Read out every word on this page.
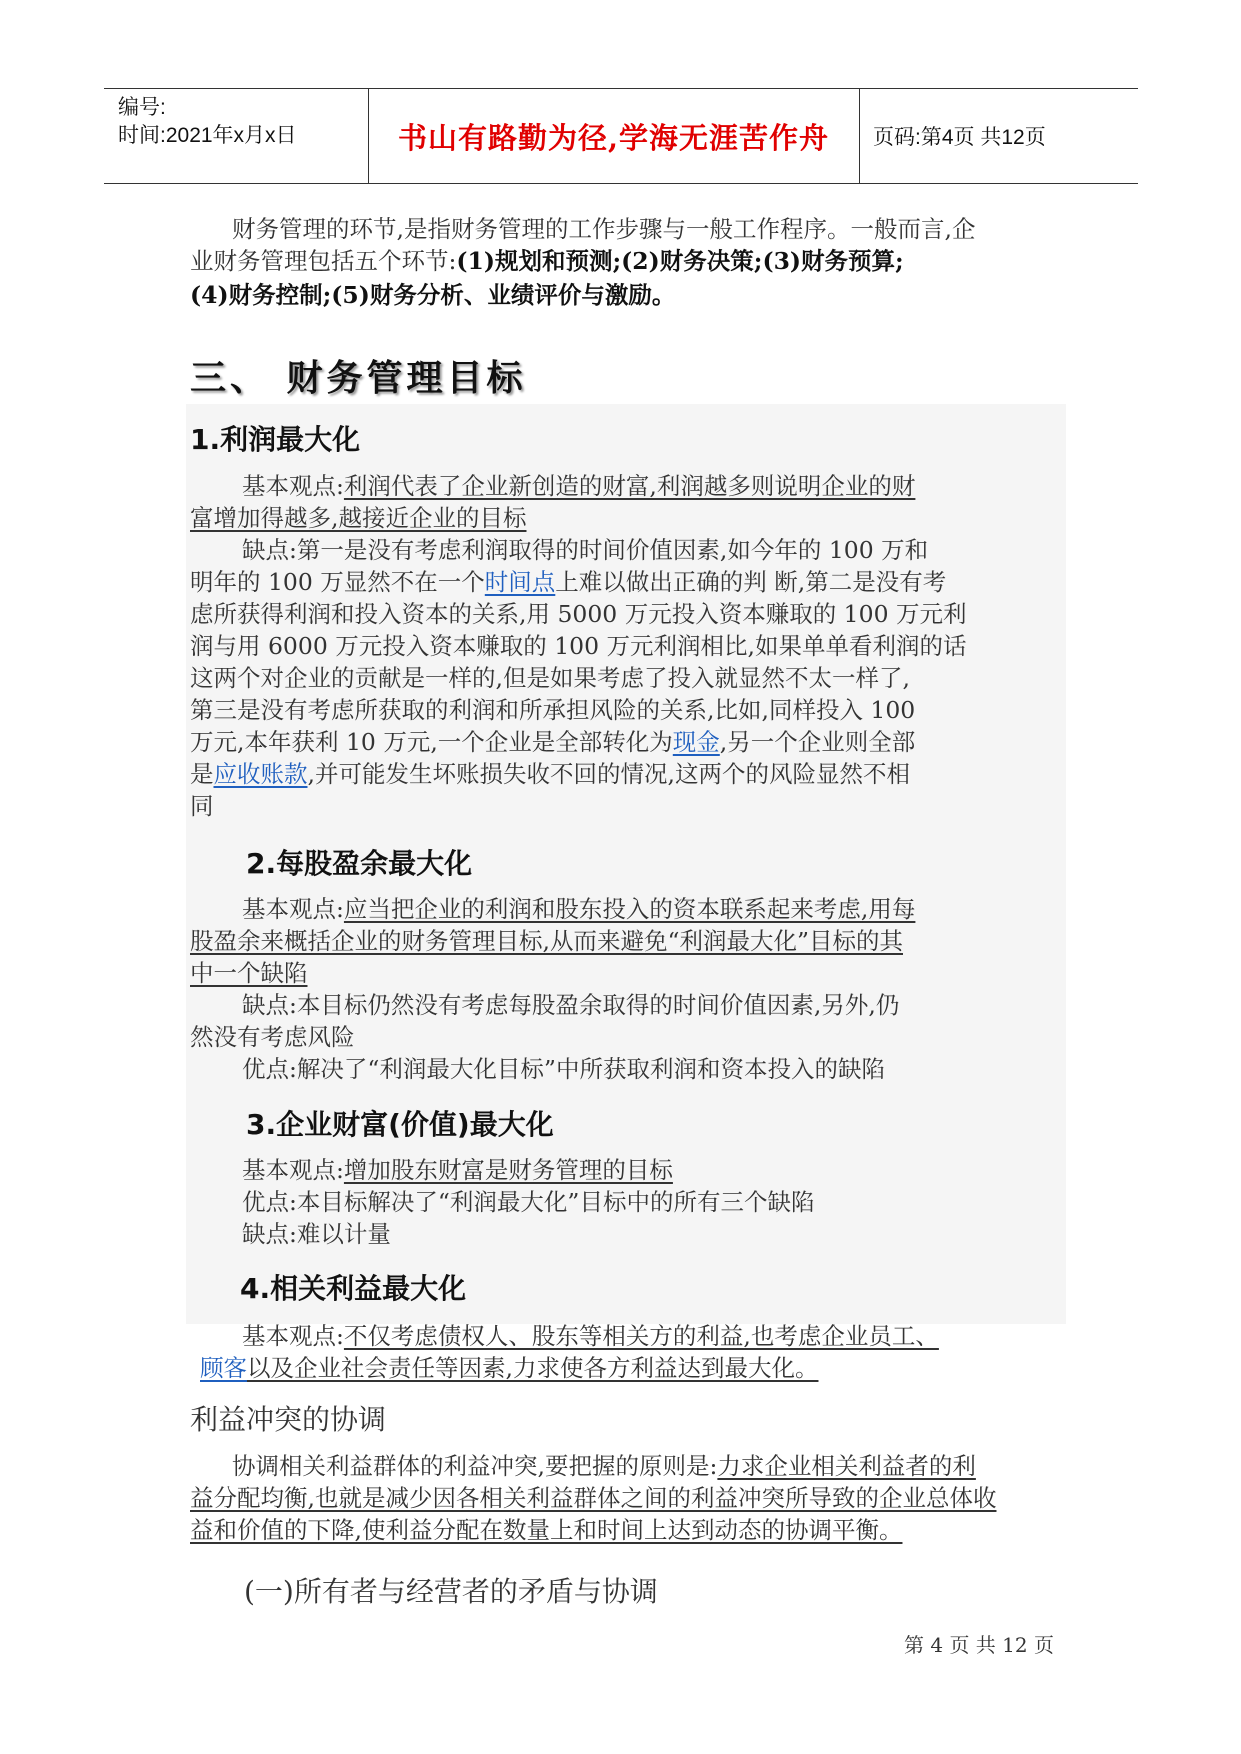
编号:
时间:2021年x月x日	书山有路勤为径,学海无涯苦作舟 页码:第4页 共12页
财务管理的环节,是指财务管理的工作步骤与一般工作程序。一般而言,企
业财务管理包括五个环节:(1)规划和预测;(2)财务决策;(3)财务预算;
(4)财务控制;(5)财务分析、业绩评价与激励。
三、 财务管理目标
1.利润最大化
基本观点:利润代表了企业新创造的财富,利润越多则说明企业的财
富增加得越多,越接近企业的目标
缺点:第一是没有考虑利润取得的时间价值因素,如今年的 100 万和
明年的 100 万显然不在一个时间点上难以做出正确的判 断,第二是没有考
虑所获得利润和投入资本的关系,用 5000 万元投入资本赚取的 100 万元利
润与用 6000 万元投入资本赚取的 100 万元利润相比,如果单单看利润的话
这两个对企业的贡献是一样的,但是如果考虑了投入就显然不太一样了,
第三是没有考虑所获取的利润和所承担风险的关系,比如,同样投入 100
万元,本年获利 10 万元,一个企业是全部转化为现金,另一个企业则全部
是应收账款,并可能发生坏账损失收不回的情况,这两个的风险显然不相
同
2.每股盈余最大化
基本观点:应当把企业的利润和股东投入的资本联系起来考虑,用每
股盈余来概括企业的财务管理目标,从而来避免“利润最大化”目标的其
中一个缺陷
缺点:本目标仍然没有考虑每股盈余取得的时间价值因素,另外,仍
然没有考虑风险
优点:解决了“利润最大化目标”中所获取利润和资本投入的缺陷
3.企业财富(价值)最大化
基本观点:增加股东财富是财务管理的目标
优点:本目标解决了“利润最大化”目标中的所有三个缺陷
缺点:难以计量
4.相关利益最大化
基本观点:不仅考虑债权人、股东等相关方的利益,也考虑企业员工、
顾客以及企业社会责任等因素,力求使各方利益达到最大化。
利益冲突的协调
协调相关利益群体的利益冲突,要把握的原则是:力求企业相关利益者的利
益分配均衡,也就是减少因各相关利益群体之间的利益冲突所导致的企业总体收
益和价值的下降,使利益分配在数量上和时间上达到动态的协调平衡。
(一)所有者与经营者的矛盾与协调
第 4 页 共 12 页
